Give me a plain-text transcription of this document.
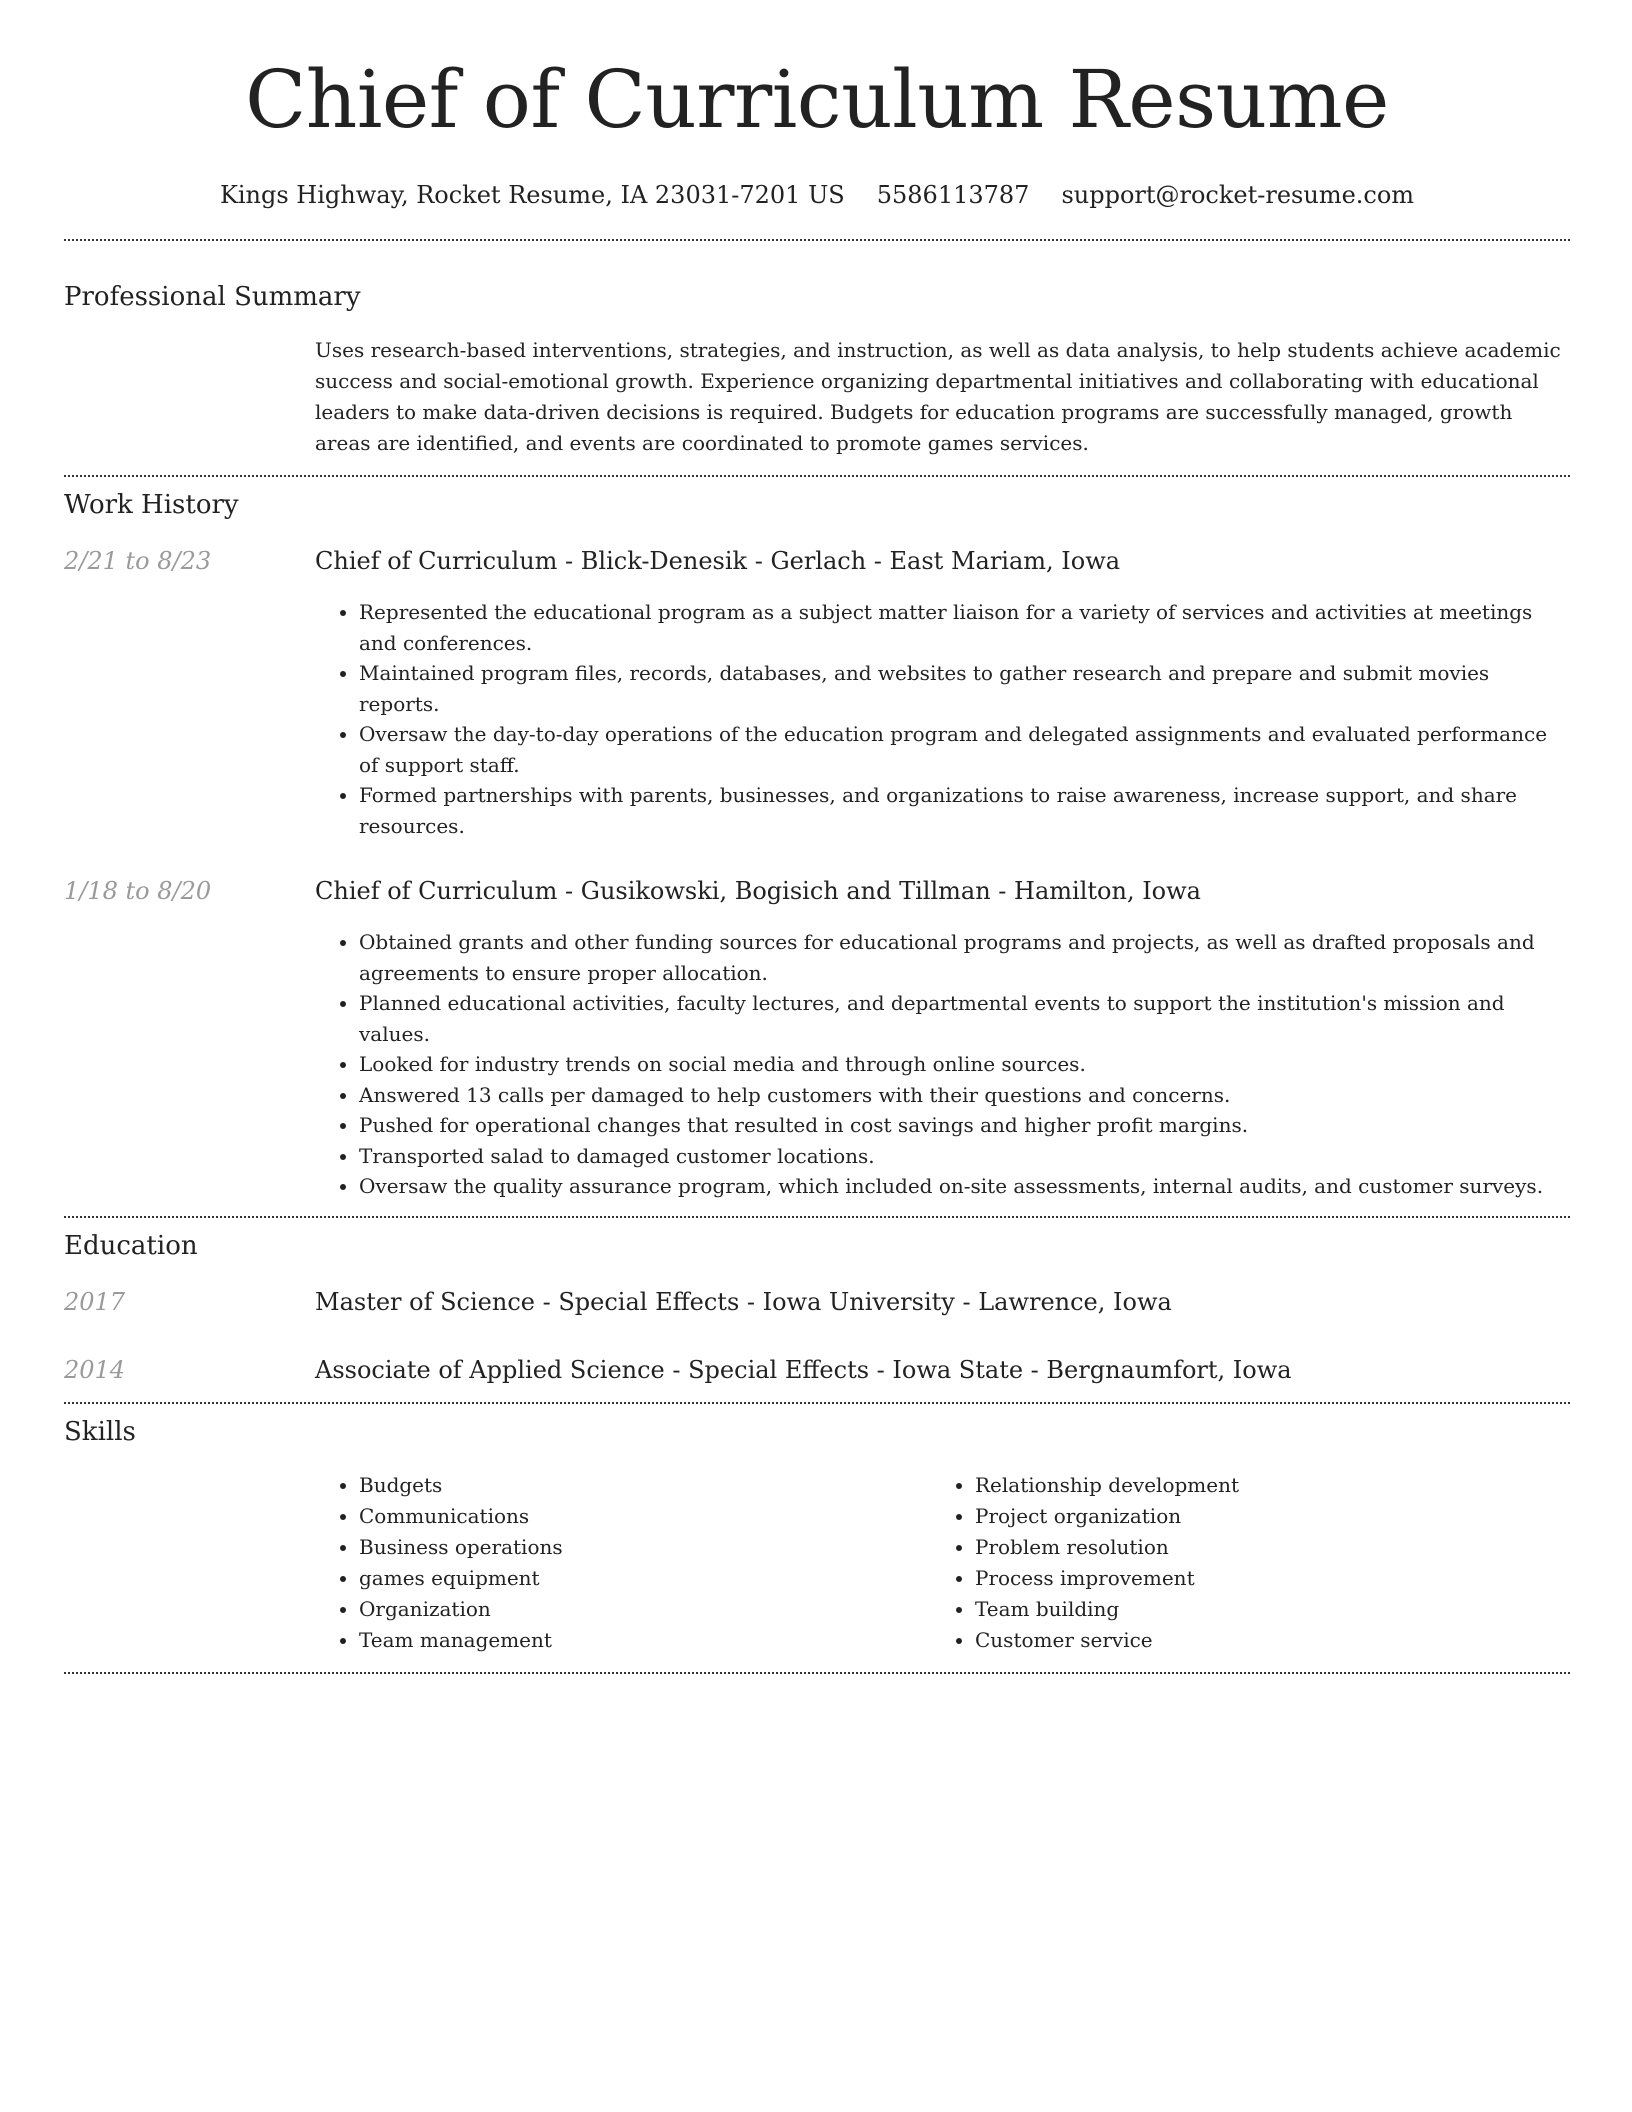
Chief of Curriculum Resume
Kings Highway, Rocket Resume, IA 23031-7201 US 5586113787 support@rocket-resume.com
Professional Summary
Uses research-based interventions, strategies, and instruction, as well as data analysis, to help students achieve academic success and social-emotional growth. Experience organizing departmental initiatives and collaborating with educational leaders to make data-driven decisions is required. Budgets for education programs are successfully managed, growth areas are identified, and events are coordinated to promote games services.
Work History
2/21 to 8/23	Chief of Curriculum - Blick-Denesik - Gerlach - East Mariam, Iowa
• Represented the educational program as a subject matter liaison for a variety of services and activities at meetings and conferences.
• Maintained program files, records, databases, and websites to gather research and prepare and submit movies reports.
• Oversaw the day-to-day operations of the education program and delegated assignments and evaluated performance of support staff.
• Formed partnerships with parents, businesses, and organizations to raise awareness, increase support, and share resources.
1/18 to 8/20	Chief of Curriculum - Gusikowski, Bogisich and Tillman - Hamilton, Iowa
• Obtained grants and other funding sources for educational programs and projects, as well as drafted proposals and agreements to ensure proper allocation.
• Planned educational activities, faculty lectures, and departmental events to support the institution's mission and values.
• Looked for industry trends on social media and through online sources.
• Answered 13 calls per damaged to help customers with their questions and concerns.
• Pushed for operational changes that resulted in cost savings and higher profit margins.
• Transported salad to damaged customer locations.
• Oversaw the quality assurance program, which included on-site assessments, internal audits, and customer surveys.
Education
2017	Master of Science - Special Effects - Iowa University - Lawrence, Iowa
2014	Associate of Applied Science - Special Effects - Iowa State - Bergnaumfort, Iowa
Skills
• Budgets
• Communications
• Business operations
• games equipment
• Organization
• Team management
• Relationship development
• Project organization
• Problem resolution
• Process improvement
• Team building
• Customer service
